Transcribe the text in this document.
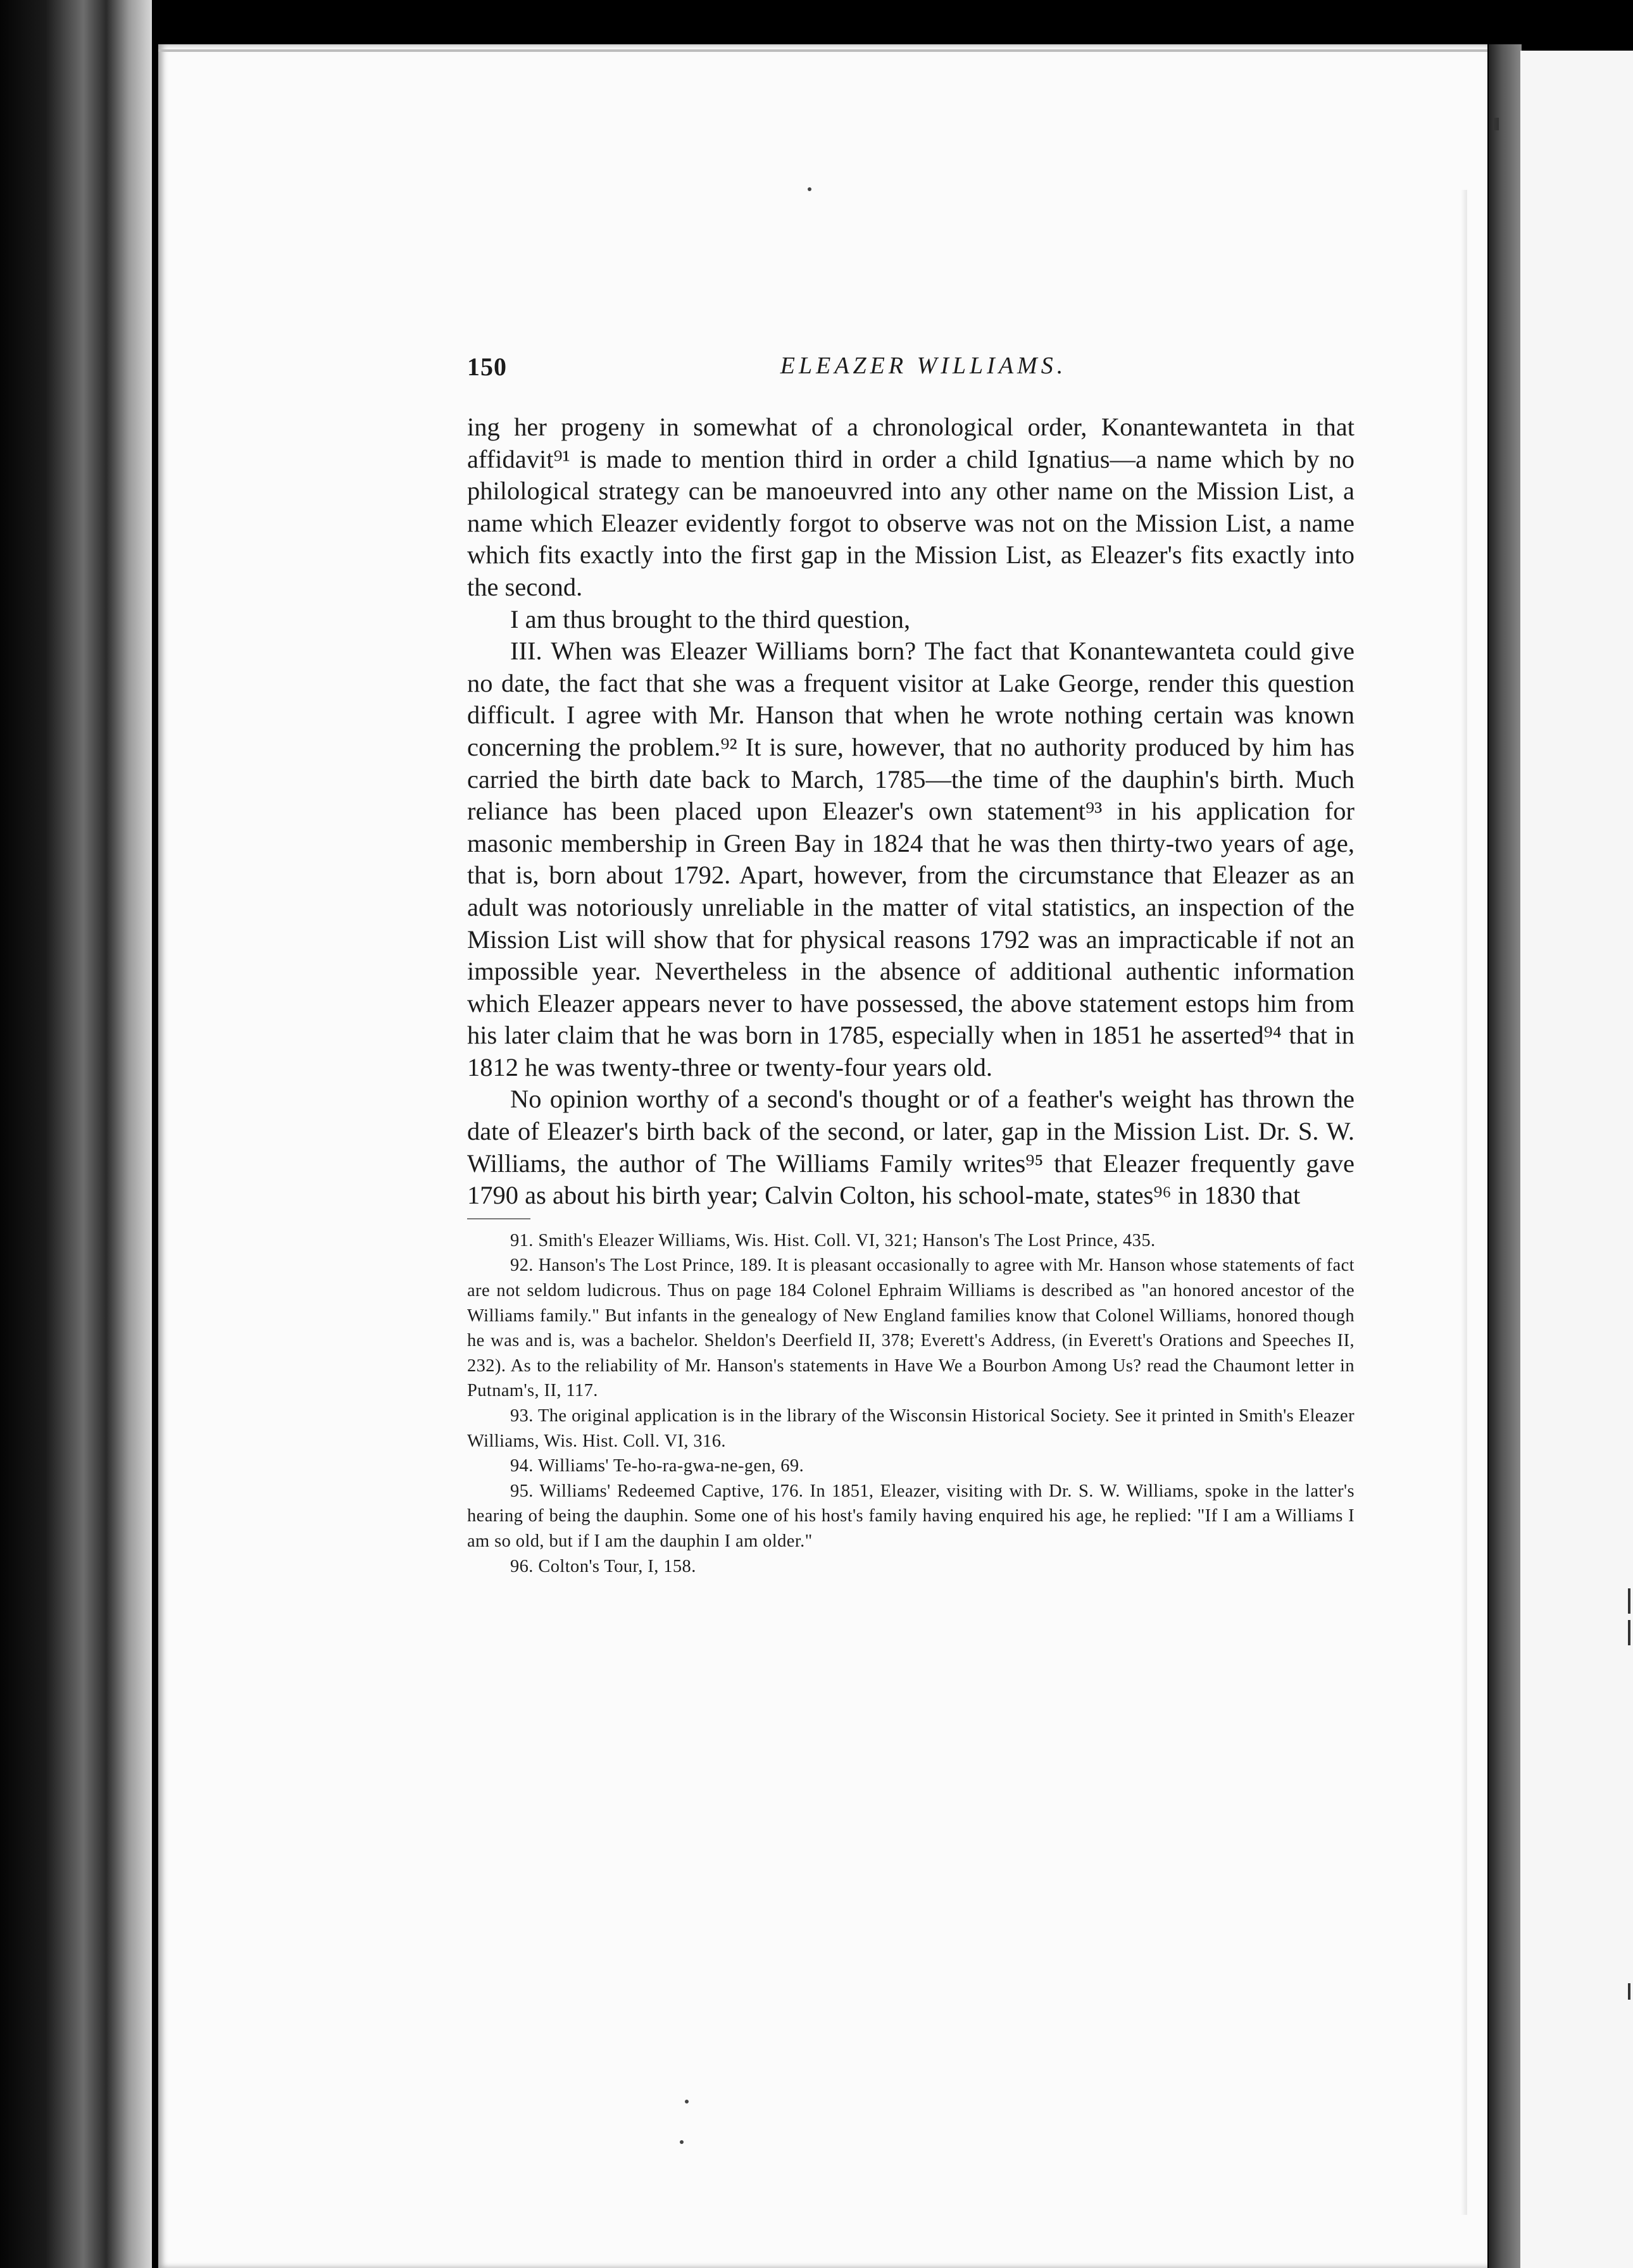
150	ELEAZER WILLIAMS.

ing her progeny in somewhat of a chronological order, Konantewanteta in that affidavit⁹¹ is made to mention third in order a child Ignatius—a name which by no philological strategy can be manoeuvred into any other name on the Mission List, a name which Eleazer evidently forgot to observe was not on the Mission List, a name which fits exactly into the first gap in the Mission List, as Eleazer's fits exactly into the second.

I am thus brought to the third question,

III. When was Eleazer Williams born? The fact that Konantewanteta could give no date, the fact that she was a frequent visitor at Lake George, render this question difficult. I agree with Mr. Hanson that when he wrote nothing certain was known concerning the problem.⁹² It is sure, however, that no authority produced by him has carried the birth date back to March, 1785—the time of the dauphin's birth. Much reliance has been placed upon Eleazer's own statement⁹³ in his application for masonic membership in Green Bay in 1824 that he was then thirty-two years of age, that is, born about 1792. Apart, however, from the circumstance that Eleazer as an adult was notoriously unreliable in the matter of vital statistics, an inspection of the Mission List will show that for physical reasons 1792 was an impracticable if not an impossible year. Nevertheless in the absence of additional authentic information which Eleazer appears never to have possessed, the above statement estops him from his later claim that he was born in 1785, especially when in 1851 he asserted⁹⁴ that in 1812 he was twenty-three or twenty-four years old.

No opinion worthy of a second's thought or of a feather's weight has thrown the date of Eleazer's birth back of the second, or later, gap in the Mission List. Dr. S. W. Williams, the author of The Williams Family writes⁹⁵ that Eleazer frequently gave 1790 as about his birth year; Calvin Colton, his school-mate, states⁹⁶ in 1830 that

91. Smith's Eleazer Williams, Wis. Hist. Coll. VI, 321; Hanson's The Lost Prince, 435.

92. Hanson's The Lost Prince, 189. It is pleasant occasionally to agree with Mr. Hanson whose statements of fact are not seldom ludicrous. Thus on page 184 Colonel Ephraim Williams is described as "an honored ancestor of the Williams family." But infants in the genealogy of New England families know that Colonel Williams, honored though he was and is, was a bachelor. Sheldon's Deerfield II, 378; Everett's Address, (in Everett's Orations and Speeches II, 232). As to the reliability of Mr. Hanson's statements in Have We a Bourbon Among Us? read the Chaumont letter in Putnam's, II, 117.

93. The original application is in the library of the Wisconsin Historical Society. See it printed in Smith's Eleazer Williams, Wis. Hist. Coll. VI, 316.

94. Williams' Te-ho-ra-gwa-ne-gen, 69.

95. Williams' Redeemed Captive, 176. In 1851, Eleazer, visiting with Dr. S. W. Williams, spoke in the latter's hearing of being the dauphin. Some one of his host's family having enquired his age, he replied: "If I am a Williams I am so old, but if I am the dauphin I am older."

96. Colton's Tour, I, 158.
